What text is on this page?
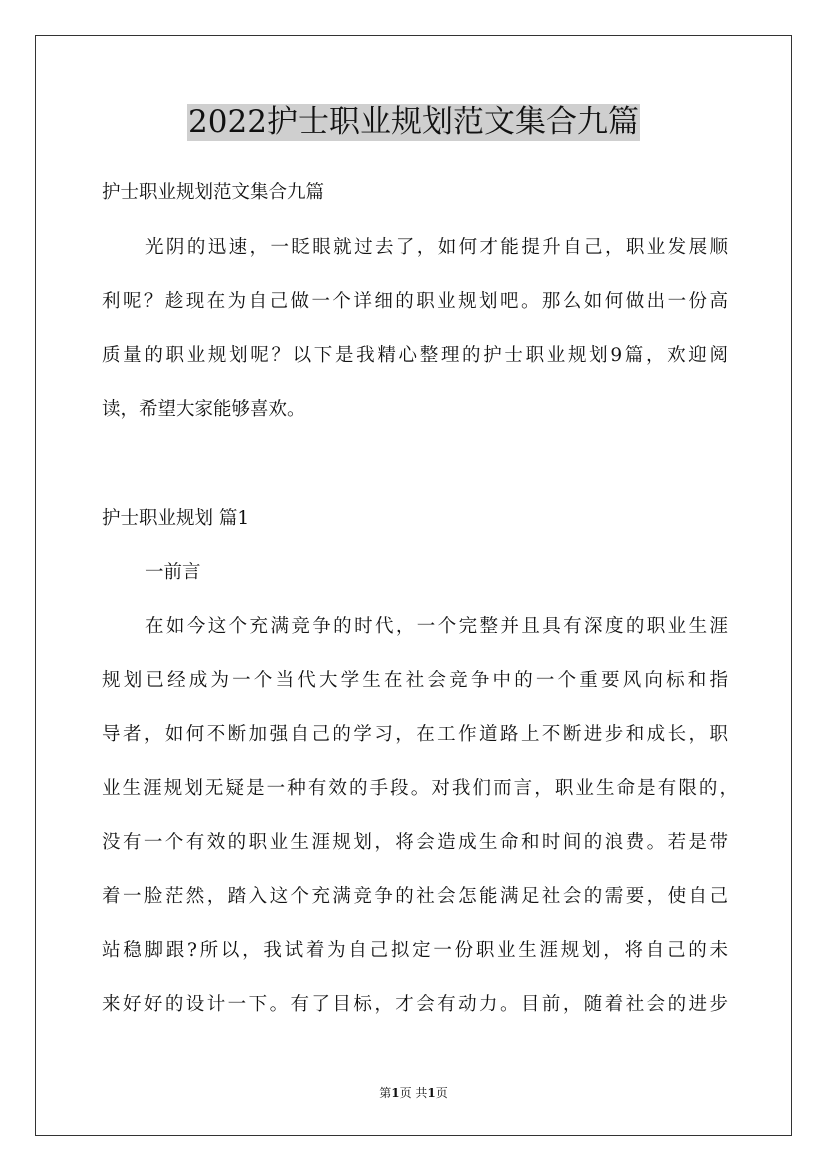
2022护士职业规划范文集合九篇
护士职业规划范文集合九篇
光阴的迅速，一眨眼就过去了，如何才能提升自己，职业发展顺
利呢？趁现在为自己做一个详细的职业规划吧。那么如何做出一份高
质量的职业规划呢？以下是我精心整理的护士职业规划9篇，欢迎阅
读，希望大家能够喜欢。
护士职业规划 篇1
一前言
在如今这个充满竞争的时代，一个完整并且具有深度的职业生涯
规划已经成为一个当代大学生在社会竞争中的一个重要风向标和指
导者，如何不断加强自己的学习，在工作道路上不断进步和成长，职
业生涯规划无疑是一种有效的手段。对我们而言，职业生命是有限的，
没有一个有效的职业生涯规划，将会造成生命和时间的浪费。若是带
着一脸茫然，踏入这个充满竞争的社会怎能满足社会的需要，使自己
站稳脚跟?所以，我试着为自己拟定一份职业生涯规划，将自己的未
来好好的设计一下。有了目标，才会有动力。目前，随着社会的进步
第1页 共1页
